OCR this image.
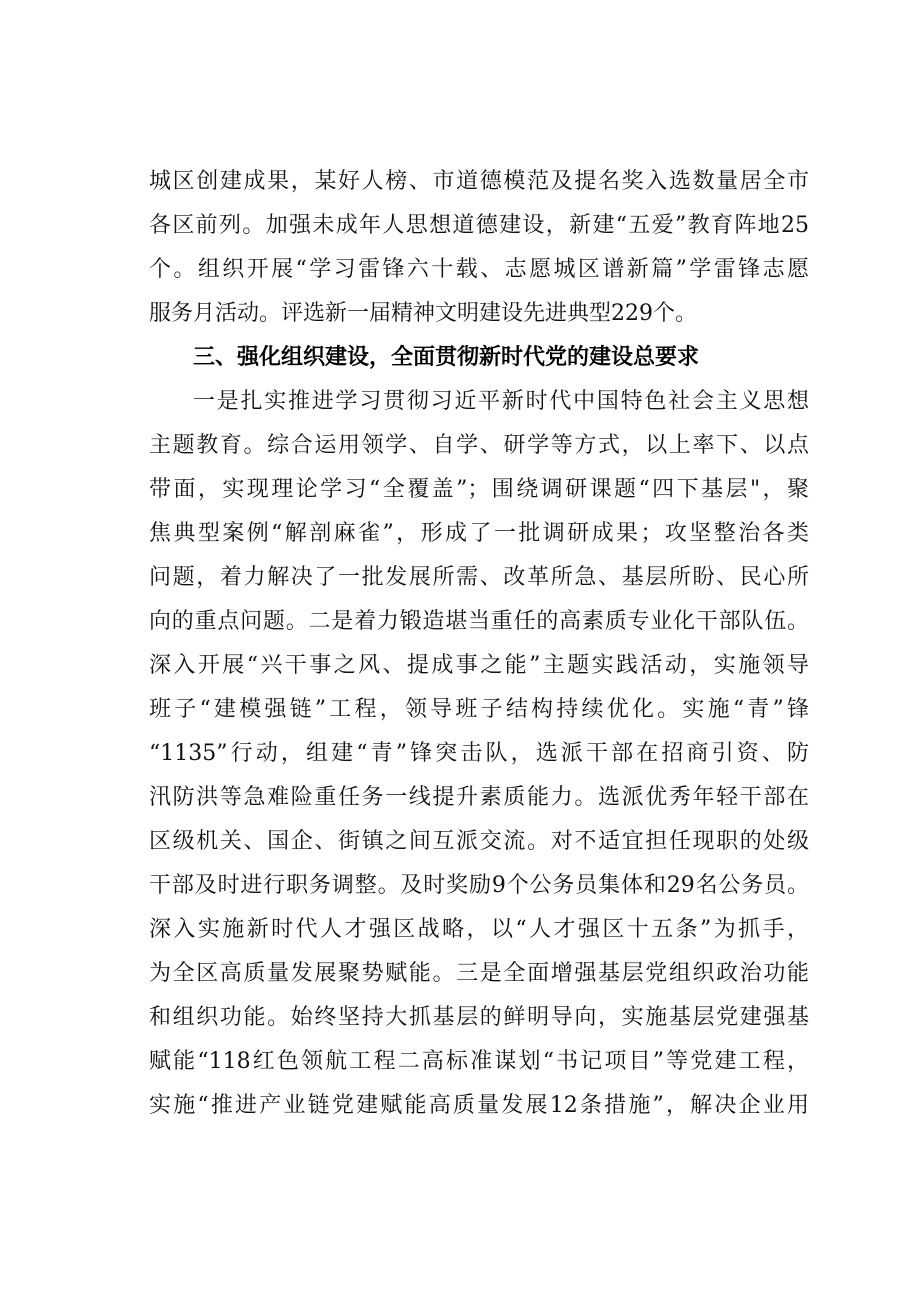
城区创建成果，某好人榜、市道德模范及提名奖入选数量居全市
各区前列。加强未成年人思想道德建设，新建“五爱”教育阵地25
个。组织开展“学习雷锋六十载、志愿城区谱新篇”学雷锋志愿
服务月活动。评选新一届精神文明建设先进典型229个。
三、强化组织建设，全面贯彻新时代党的建设总要求
一是扎实推进学习贯彻习近平新时代中国特色社会主义思想
主题教育。综合运用领学、自学、研学等方式，以上率下、以点
带面，实现理论学习“全覆盖”；围绕调研课题“四下基层"，聚
焦典型案例“解剖麻雀”，形成了一批调研成果；攻坚整治各类
问题，着力解决了一批发展所需、改革所急、基层所盼、民心所
向的重点问题。二是着力锻造堪当重任的高素质专业化干部队伍。
深入开展“兴干事之风、提成事之能”主题实践活动，实施领导
班子“建模强链”工程，领导班子结构持续优化。实施“青”锋
“1135”行动，组建“青”锋突击队，选派干部在招商引资、防
汛防洪等急难险重任务一线提升素质能力。选派优秀年轻干部在
区级机关、国企、街镇之间互派交流。对不适宜担任现职的处级
干部及时进行职务调整。及时奖励9个公务员集体和29名公务员。
深入实施新时代人才强区战略，以“人才强区十五条”为抓手，
为全区高质量发展聚势赋能。三是全面增强基层党组织政治功能
和组织功能。始终坚持大抓基层的鲜明导向，实施基层党建强基
赋能“118红色领航工程二高标准谋划“书记项目”等党建工程，
实施“推进产业链党建赋能高质量发展12条措施”，解决企业用
